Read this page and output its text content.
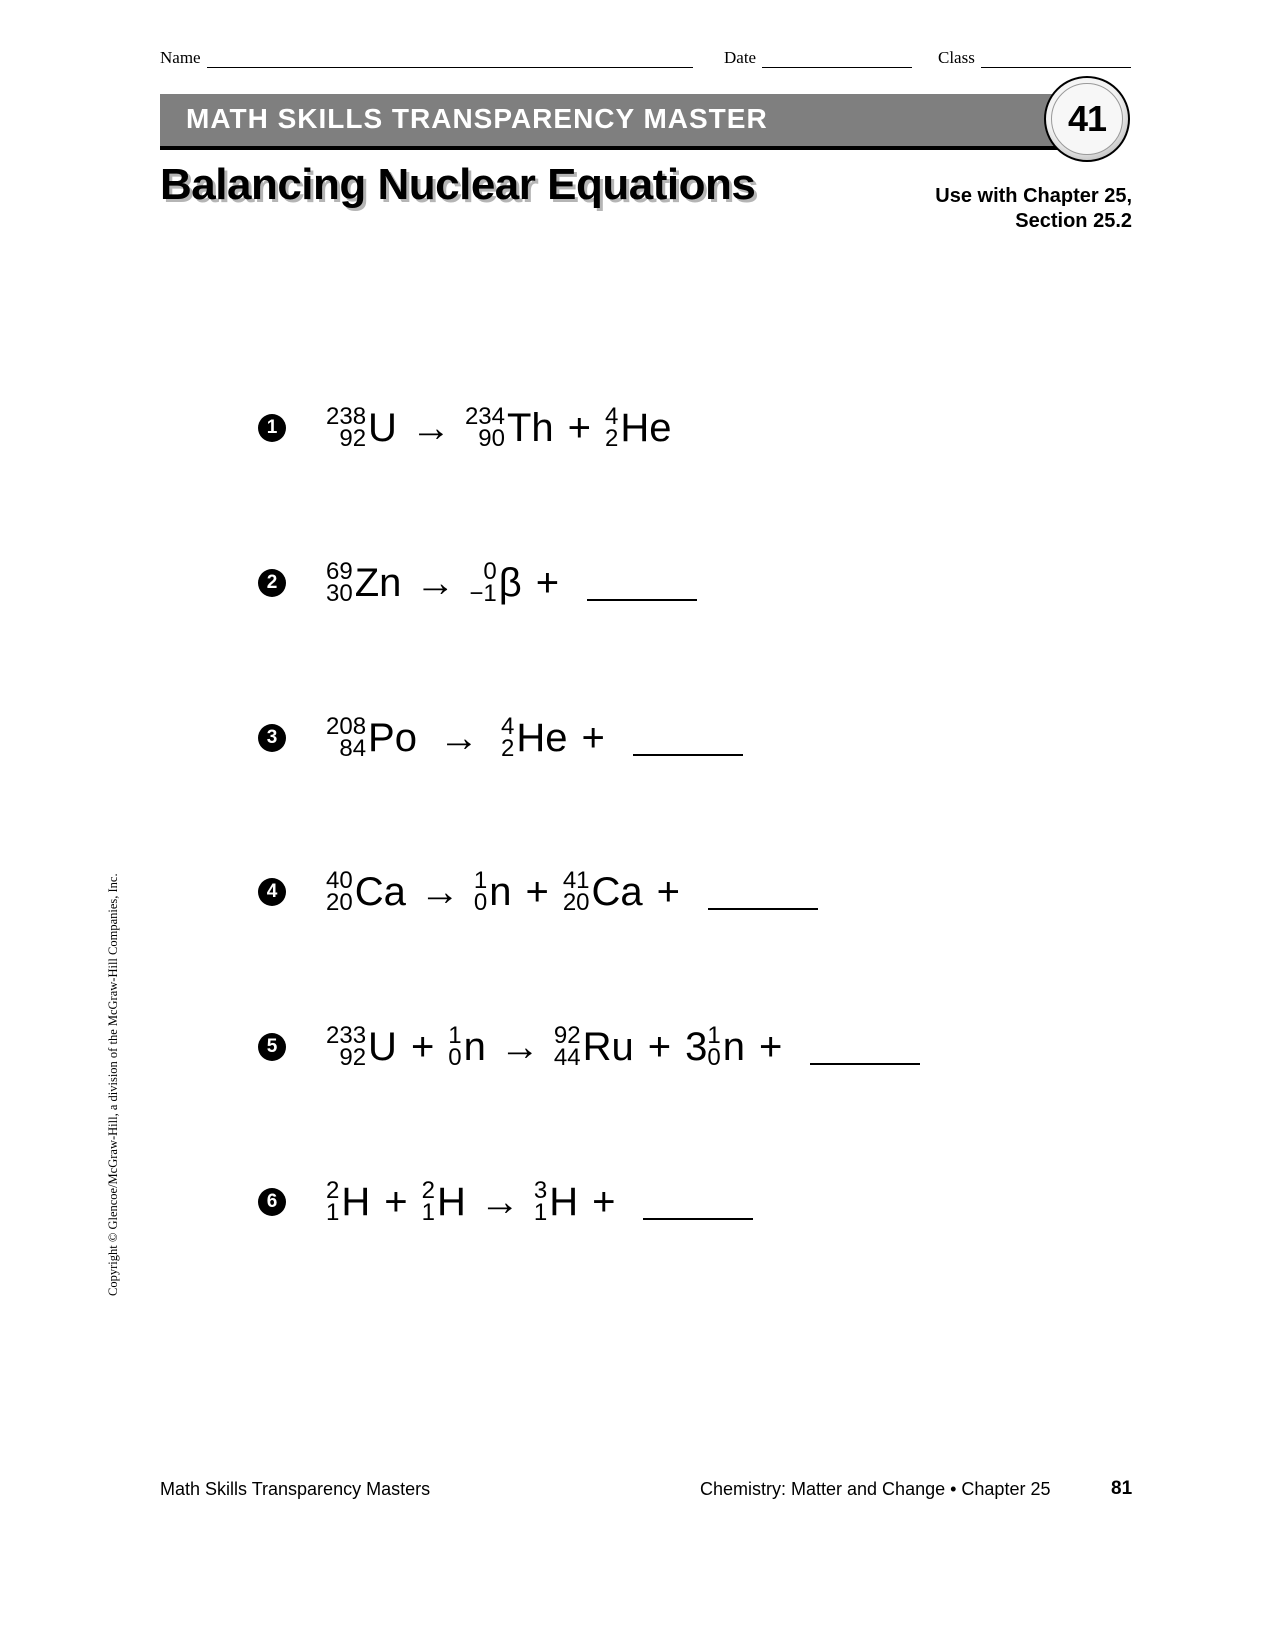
Name	Date	Class
MATH SKILLS TRANSPARENCY MASTER	41
Balancing Nuclear Equations	Use with Chapter 25,
Section 25.2
1	238
92 U → 234
90 Th + 4
2 He
2	69
30 Zn → 0
−1 β +
3	208
84 Po → 4
2 He +
4	40
20 Ca → 1
0 n + 41
20 Ca +
5	233
92 U + 1
0 n → 92
44 Ru + 3 1
0 n +
6	2
1 H + 2
1 H → 3
1 H +
Copyright © Glencoe/McGraw-Hill, a division of the McGraw-Hill Companies, Inc.
Math Skills Transparency Masters	Chemistry: Matter and Change • Chapter 25	81
